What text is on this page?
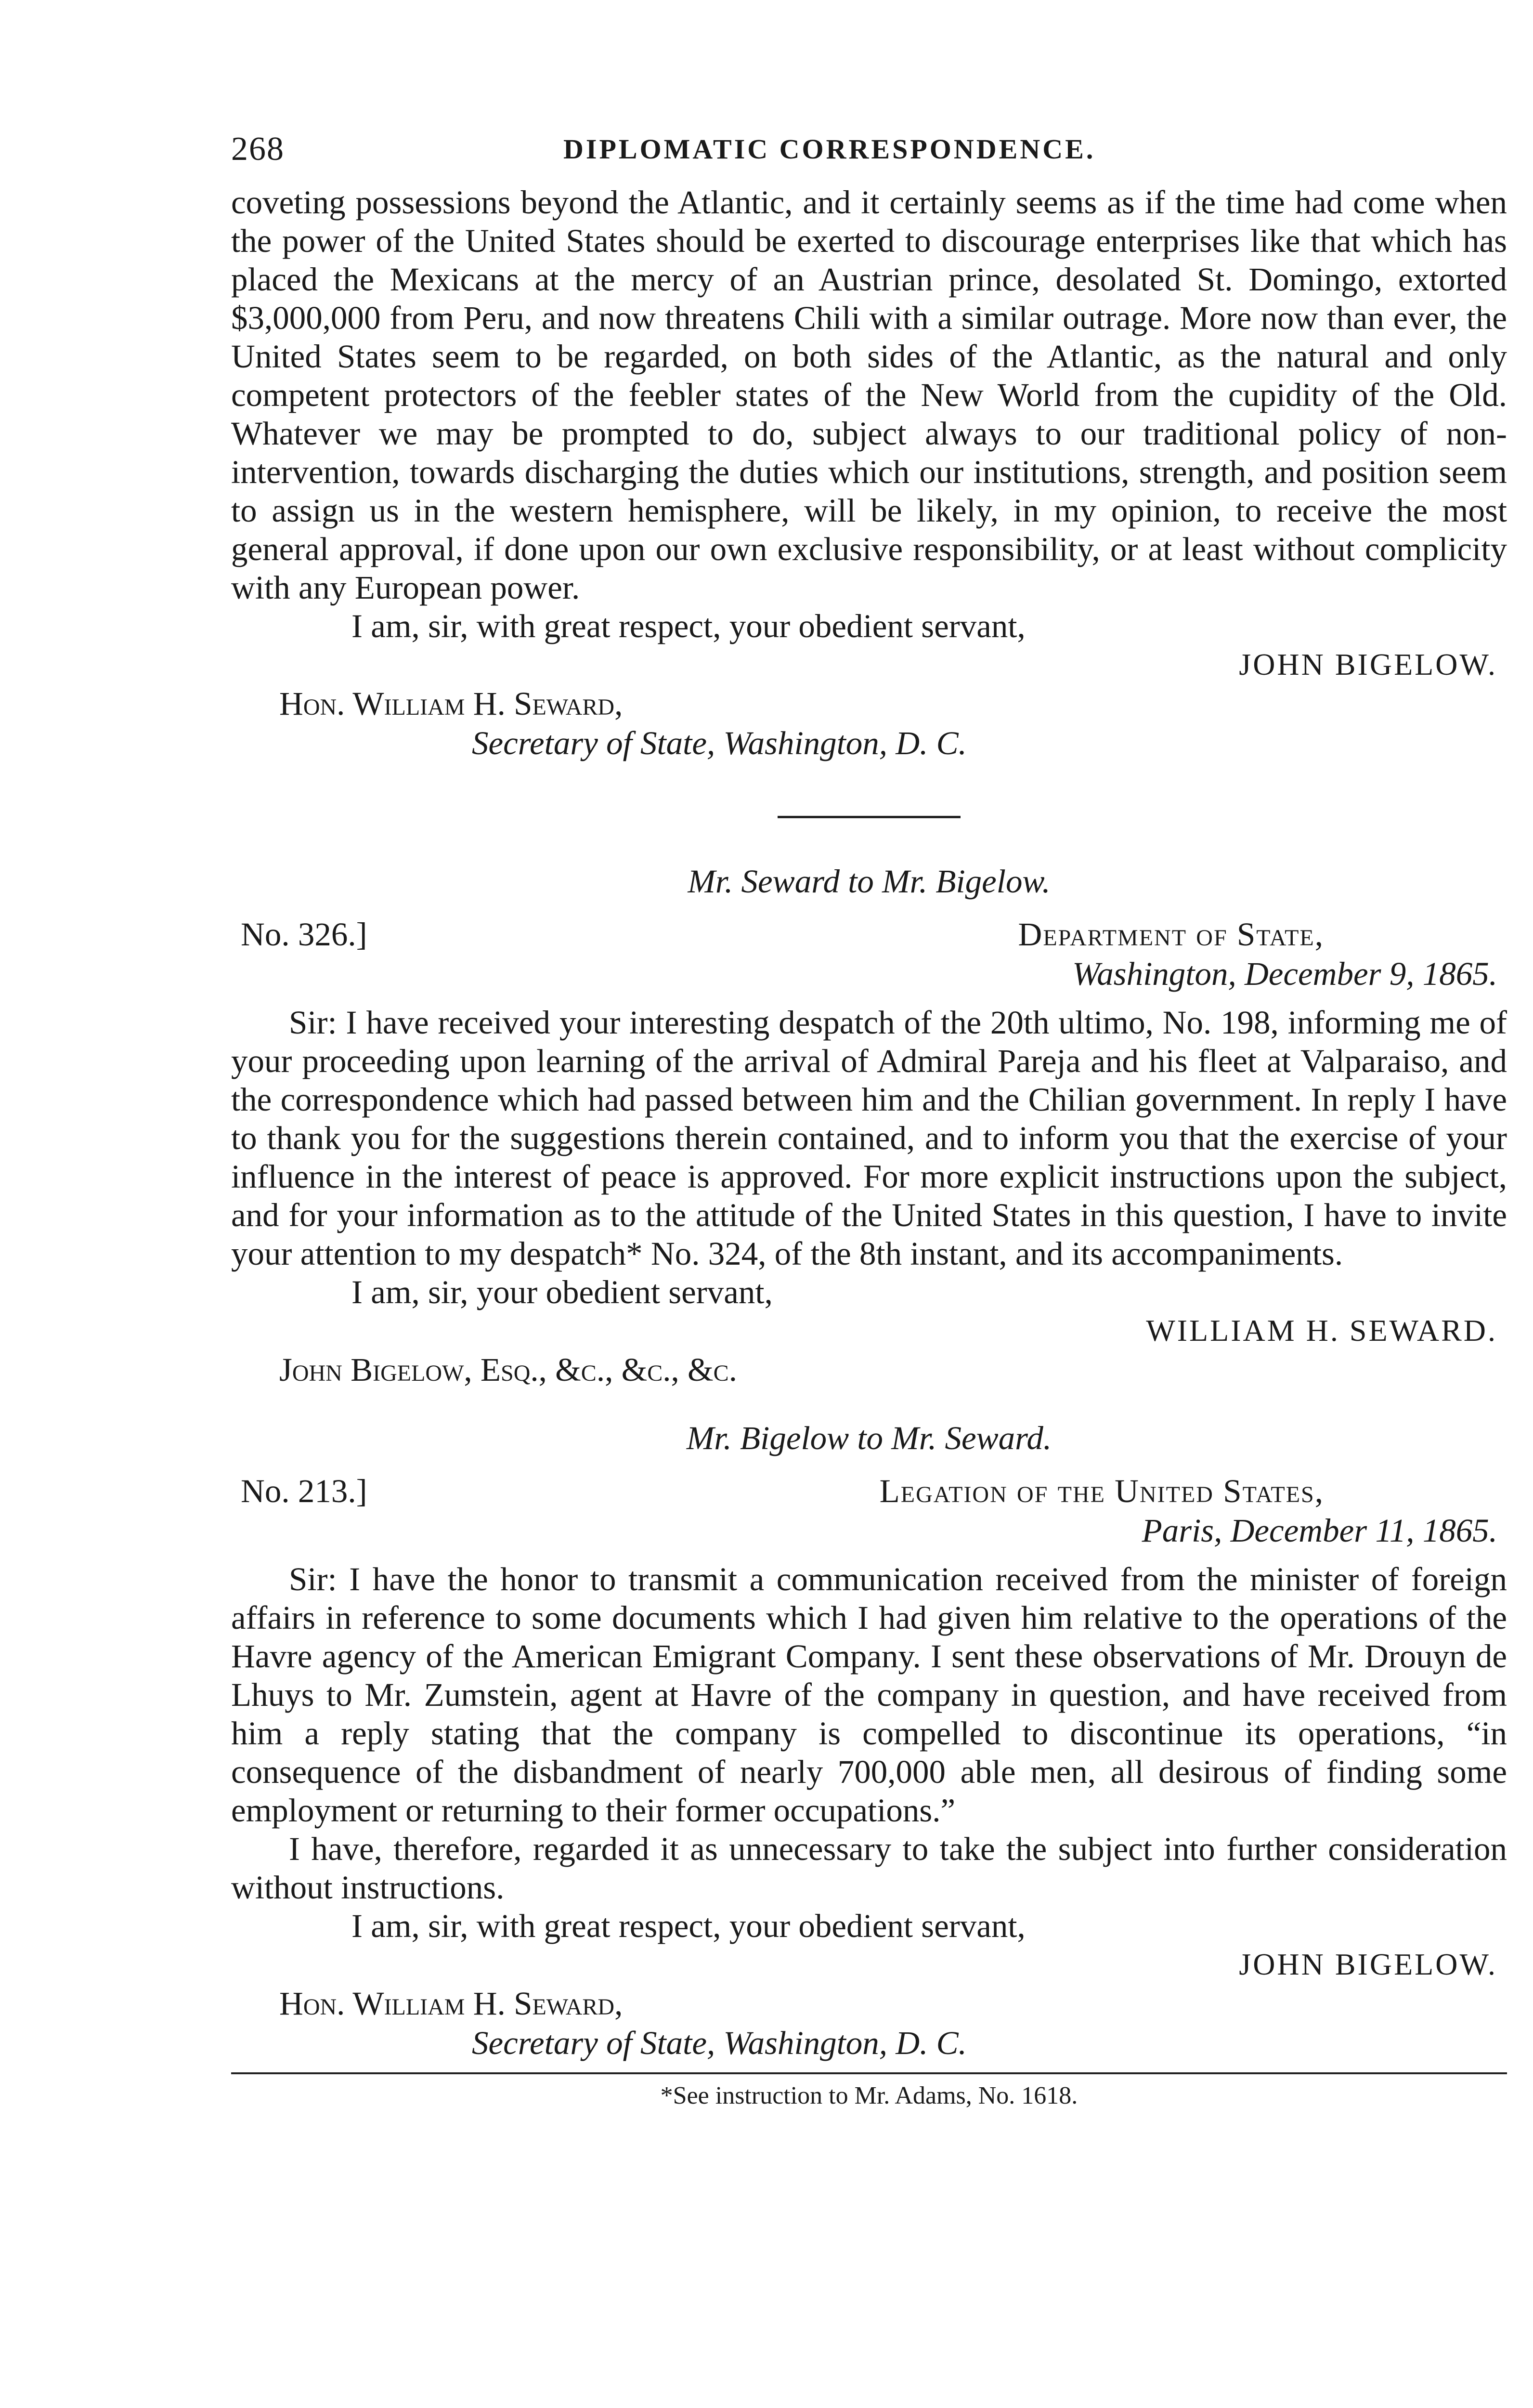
268	DIPLOMATIC CORRESPONDENCE.

coveting possessions beyond the Atlantic, and it certainly seems as if the time had come when the power of the United States should be exerted to discourage enterprises like that which has placed the Mexicans at the mercy of an Austrian prince, desolated St. Domingo, extorted $3,000,000 from Peru, and now threatens Chili with a similar outrage. More now than ever, the United States seem to be regarded, on both sides of the Atlantic, as the natural and only competent protectors of the feebler states of the New World from the cupidity of the Old. Whatever we may be prompted to do, subject always to our traditional policy of non-intervention, towards discharging the duties which our institutions, strength, and position seem to assign us in the western hemisphere, will be likely, in my opinion, to receive the most general approval, if done upon our own exclusive responsibility, or at least without complicity with any European power.

I am, sir, with great respect, your obedient servant,
JOHN BIGELOW.
Hon. William H. Seward,
Secretary of State, Washington, D. C.
Mr. Seward to Mr. Bigelow.
No. 326.]	Department of State,
Washington, December 9, 1865.

Sir: I have received your interesting despatch of the 20th ultimo, No. 198, informing me of your proceeding upon learning of the arrival of Admiral Pareja and his fleet at Valparaiso, and the correspondence which had passed between him and the Chilian government. In reply I have to thank you for the suggestions therein contained, and to inform you that the exercise of your influence in the interest of peace is approved. For more explicit instructions upon the subject, and for your information as to the attitude of the United States in this question, I have to invite your attention to my despatch* No. 324, of the 8th instant, and its accompaniments.

I am, sir, your obedient servant,
WILLIAM H. SEWARD.
John Bigelow, Esq., &c., &c., &c.
Mr. Bigelow to Mr. Seward.
No. 213.]	Legation of the United States,
Paris, December 11, 1865.

Sir: I have the honor to transmit a communication received from the minister of foreign affairs in reference to some documents which I had given him relative to the operations of the Havre agency of the American Emigrant Company. I sent these observations of Mr. Drouyn de Lhuys to Mr. Zumstein, agent at Havre of the company in question, and have received from him a reply stating that the company is compelled to discontinue its operations, “in consequence of the disbandment of nearly 700,000 able men, all desirous of finding some employment or returning to their former occupations.”

I have, therefore, regarded it as unnecessary to take the subject into further consideration without instructions.

I am, sir, with great respect, your obedient servant,
JOHN BIGELOW.
Hon. William H. Seward,
Secretary of State, Washington, D. C.
*See instruction to Mr. Adams, No. 1618.
